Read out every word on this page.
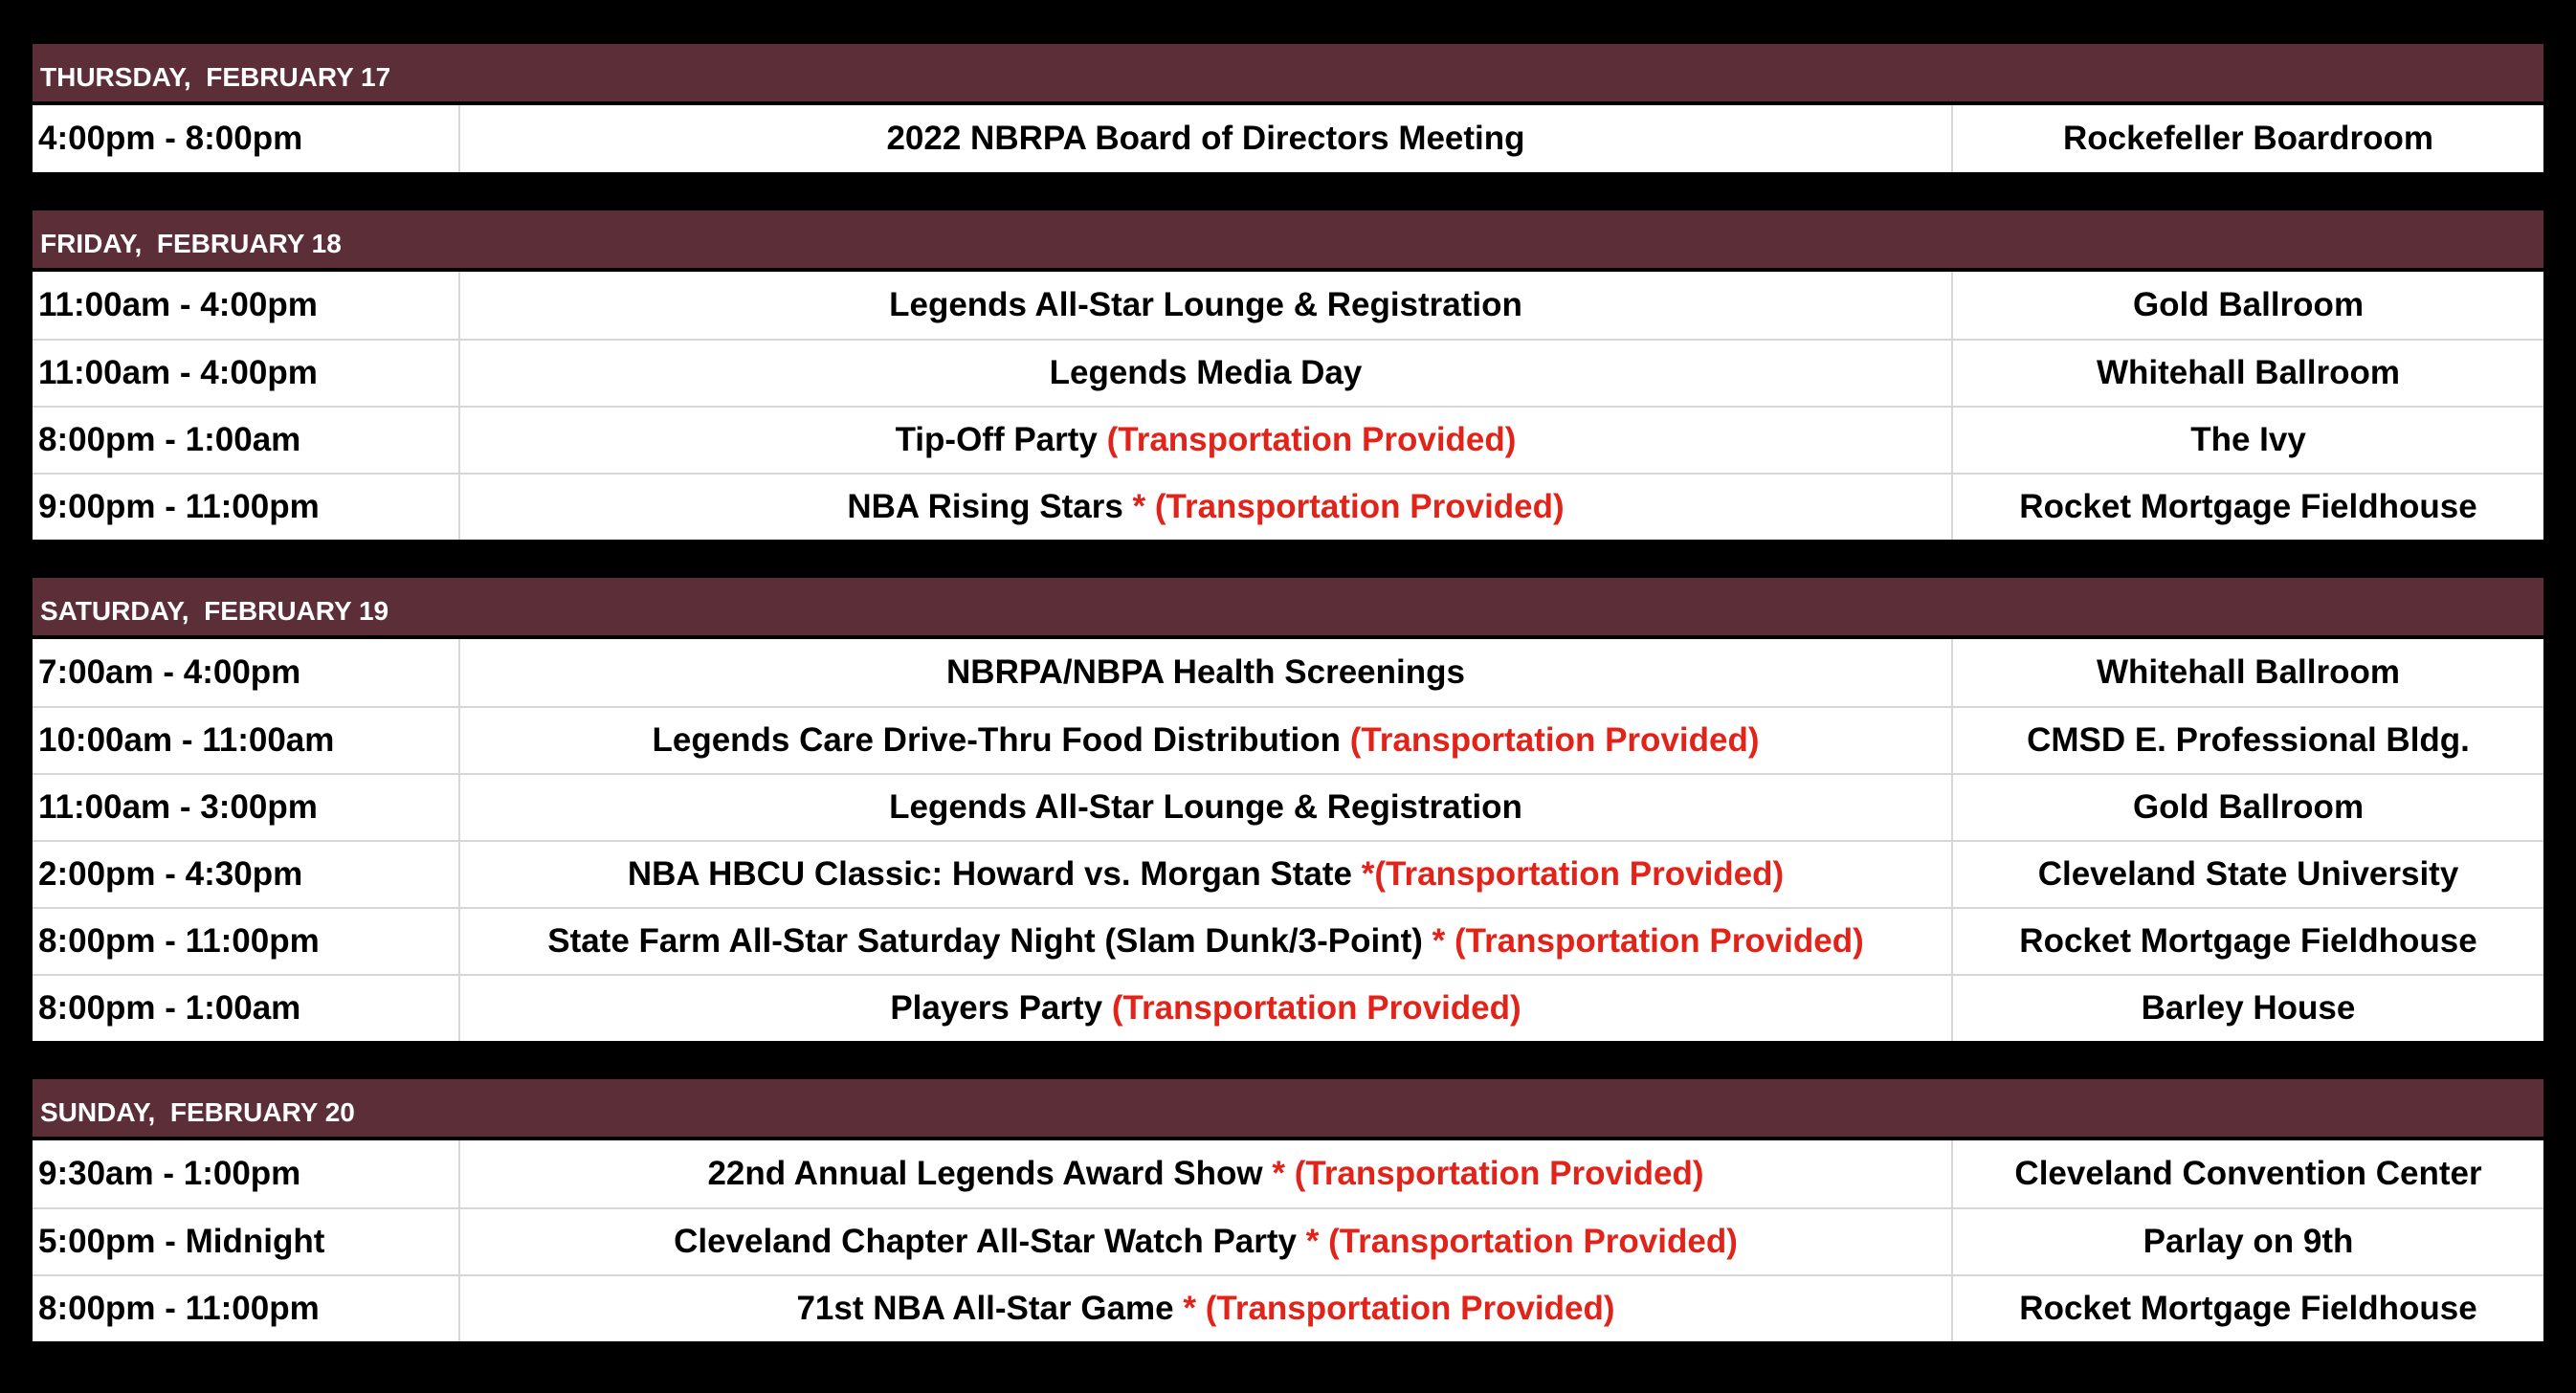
THURSDAY,  FEBRUARY 17
4:00pm - 8:00pm	2022 NBRPA Board of Directors Meeting	Rockefeller Boardroom
FRIDAY,  FEBRUARY 18
11:00am - 4:00pm	Legends All-Star Lounge & Registration	Gold Ballroom
11:00am - 4:00pm	Legends Media Day	Whitehall Ballroom
8:00pm - 1:00am	Tip-Off Party (Transportation Provided)	The Ivy
9:00pm - 11:00pm	NBA Rising Stars * (Transportation Provided)	Rocket Mortgage Fieldhouse
SATURDAY,  FEBRUARY 19
7:00am - 4:00pm	NBRPA/NBPA Health Screenings	Whitehall Ballroom
10:00am - 11:00am	Legends Care Drive-Thru Food Distribution (Transportation Provided)	CMSD E. Professional Bldg.
11:00am - 3:00pm	Legends All-Star Lounge & Registration	Gold Ballroom
2:00pm - 4:30pm	NBA HBCU Classic: Howard vs. Morgan State *(Transportation Provided)	Cleveland State University
8:00pm - 11:00pm	State Farm All-Star Saturday Night (Slam Dunk/3-Point) * (Transportation Provided)	Rocket Mortgage Fieldhouse
8:00pm - 1:00am	Players Party (Transportation Provided)	Barley House
SUNDAY,  FEBRUARY 20
9:30am - 1:00pm	22nd Annual Legends Award Show * (Transportation Provided)	Cleveland Convention Center
5:00pm - Midnight	Cleveland Chapter All-Star Watch Party * (Transportation Provided)	Parlay on 9th
8:00pm - 11:00pm	71st NBA All-Star Game * (Transportation Provided)	Rocket Mortgage Fieldhouse
